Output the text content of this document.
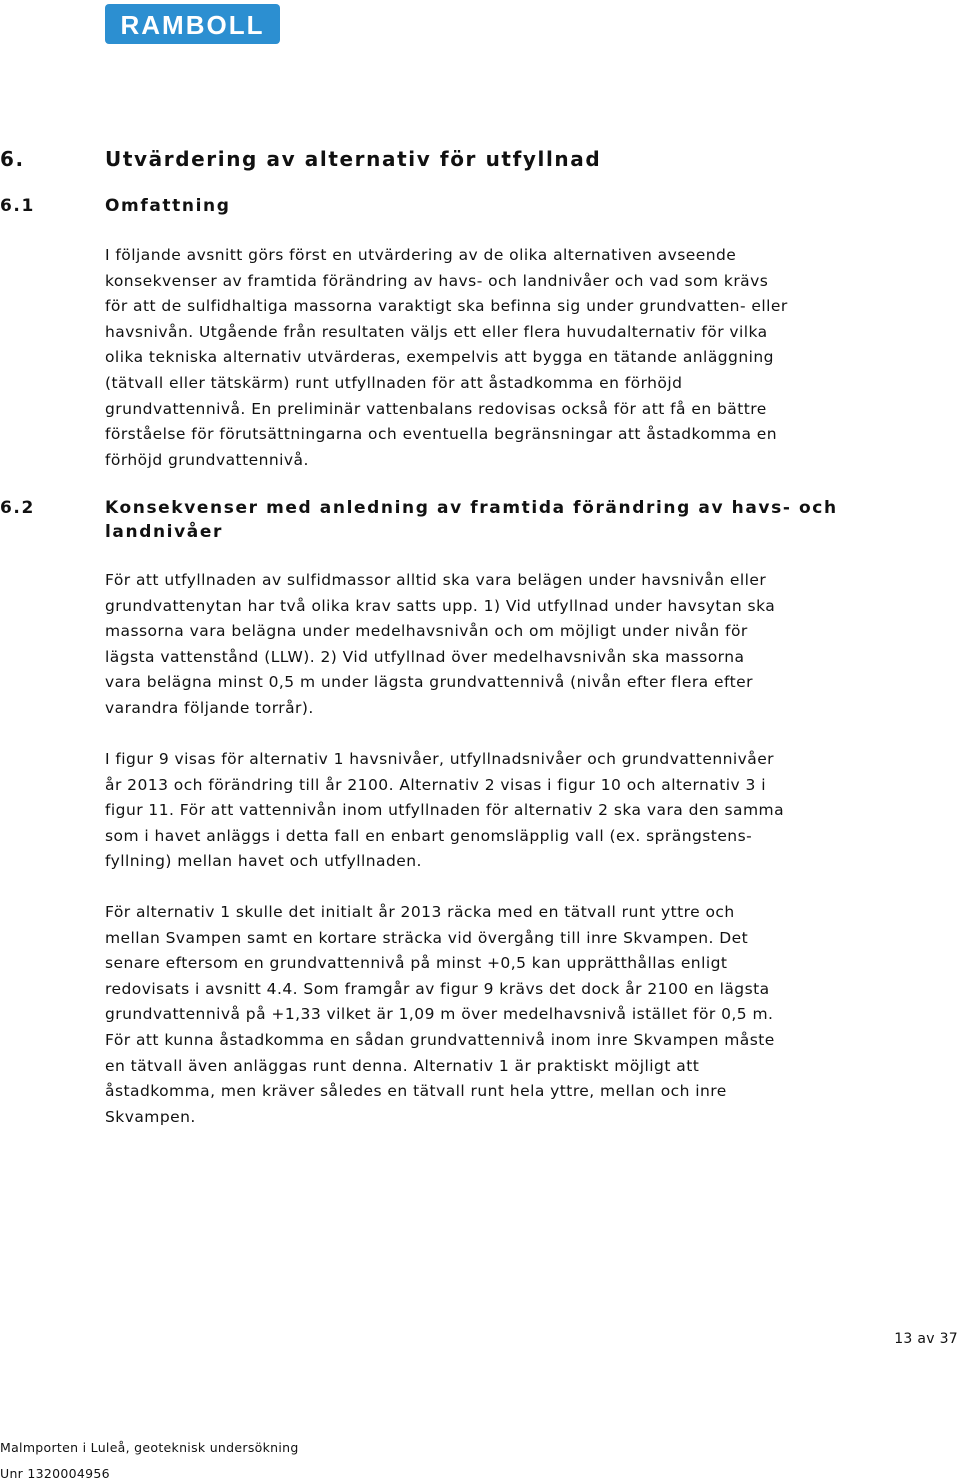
RAMBOLL
6.	Utvärdering av alternativ för utfyllnad
6.1	Omfattning
I följande avsnitt görs först en utvärdering av de olika alternativen avseende
konsekvenser av framtida förändring av havs- och landnivåer och vad som krävs
för att de sulfidhaltiga massorna varaktigt ska befinna sig under grundvatten- eller
havsnivån. Utgående från resultaten väljs ett eller flera huvudalternativ för vilka
olika tekniska alternativ utvärderas, exempelvis att bygga en tätande anläggning
(tätvall eller tätskärm) runt utfyllnaden för att åstadkomma en förhöjd
grundvattennivå. En preliminär vattenbalans redovisas också för att få en bättre
förståelse för förutsättningarna och eventuella begränsningar att åstadkomma en
förhöjd grundvattennivå.
6.2	Konsekvenser med anledning av framtida förändring av havs- och
landnivåer
För att utfyllnaden av sulfidmassor alltid ska vara belägen under havsnivån eller
grundvattenytan har två olika krav satts upp. 1) Vid utfyllnad under havsytan ska
massorna vara belägna under medelhavsnivån och om möjligt under nivån för
lägsta vattenstånd (LLW). 2) Vid utfyllnad över medelhavsnivån ska massorna
vara belägna minst 0,5 m under lägsta grundvattennivå (nivån efter flera efter
varandra följande torrår).
I figur 9 visas för alternativ 1 havsnivåer, utfyllnadsnivåer och grundvattennivåer
år 2013 och förändring till år 2100. Alternativ 2 visas i figur 10 och alternativ 3 i
figur 11. För att vattennivån inom utfyllnaden för alternativ 2 ska vara den samma
som i havet anläggs i detta fall en enbart genomsläpplig vall (ex. sprängstens-
fyllning) mellan havet och utfyllnaden.
För alternativ 1 skulle det initialt år 2013 räcka med en tätvall runt yttre och
mellan Svampen samt en kortare sträcka vid övergång till inre Skvampen. Det
senare eftersom en grundvattennivå på minst +0,5 kan upprätthållas enligt
redovisats i avsnitt 4.4. Som framgår av figur 9 krävs det dock år 2100 en lägsta
grundvattennivå på +1,33 vilket är 1,09 m över medelhavsnivå istället för 0,5 m.
För att kunna åstadkomma en sådan grundvattennivå inom inre Skvampen måste
en tätvall även anläggas runt denna. Alternativ 1 är praktiskt möjligt att
åstadkomma, men kräver således en tätvall runt hela yttre, mellan och inre
Skvampen.
13 av 37
Malmporten i Luleå, geoteknisk undersökning
Unr 1320004956
